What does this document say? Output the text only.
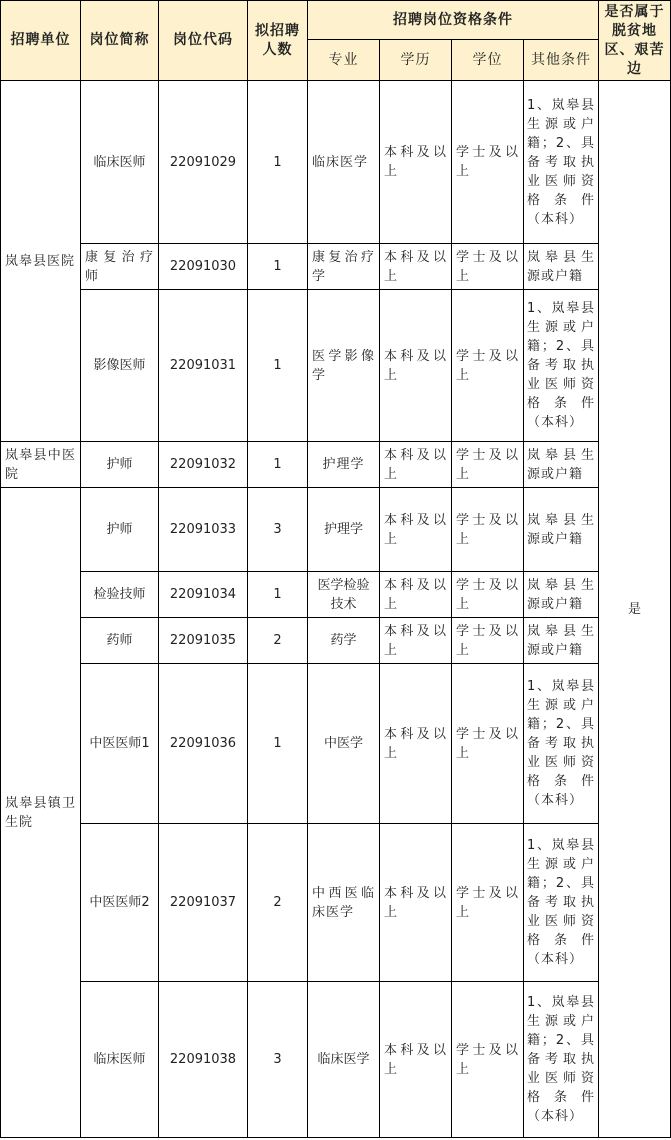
招聘单位	岗位简称	岗位代码	拟招聘人数	招聘岗位资格条件				是否属于脱贫地区、艰苦边
				专业	学历	学位	其他条件	
岚皋县医院	临床医师	22091029	1	临床医学	本科及以上	学士及以上	1、岚皋县生源或户籍；2、具备考取执业医师资格条件（本科）	是
	康复治疗师	22091030	1	康复治疗学	本科及以上	学士及以上	岚皋县生源或户籍	
	影像医师	22091031	1	医学影像学	本科及以上	学士及以上	1、岚皋县生源或户籍；2、具备考取执业医师资格条件（本科）	
岚皋县中医院	护师	22091032	1	护理学	本科及以上	学士及以上	岚皋县生源或户籍	
岚皋县镇卫生院	护师	22091033	3	护理学	本科及以上	学士及以上	岚皋县生源或户籍	
	检验技师	22091034	1	医学检验技术	本科及以上	学士及以上	岚皋县生源或户籍	
	药师	22091035	2	药学	本科及以上	学士及以上	岚皋县生源或户籍	
	中医医师1	22091036	1	中医学	本科及以上	学士及以上	1、岚皋县生源或户籍；2、具备考取执业医师资格条件（本科）	
	中医医师2	22091037	2	中西医临床医学	本科及以上	学士及以上	1、岚皋县生源或户籍；2、具备考取执业医师资格条件（本科）	
	临床医师	22091038	3	临床医学	本科及以上	学士及以上	1、岚皋县生源或户籍；2、具备考取执业医师资格条件（本科）	
